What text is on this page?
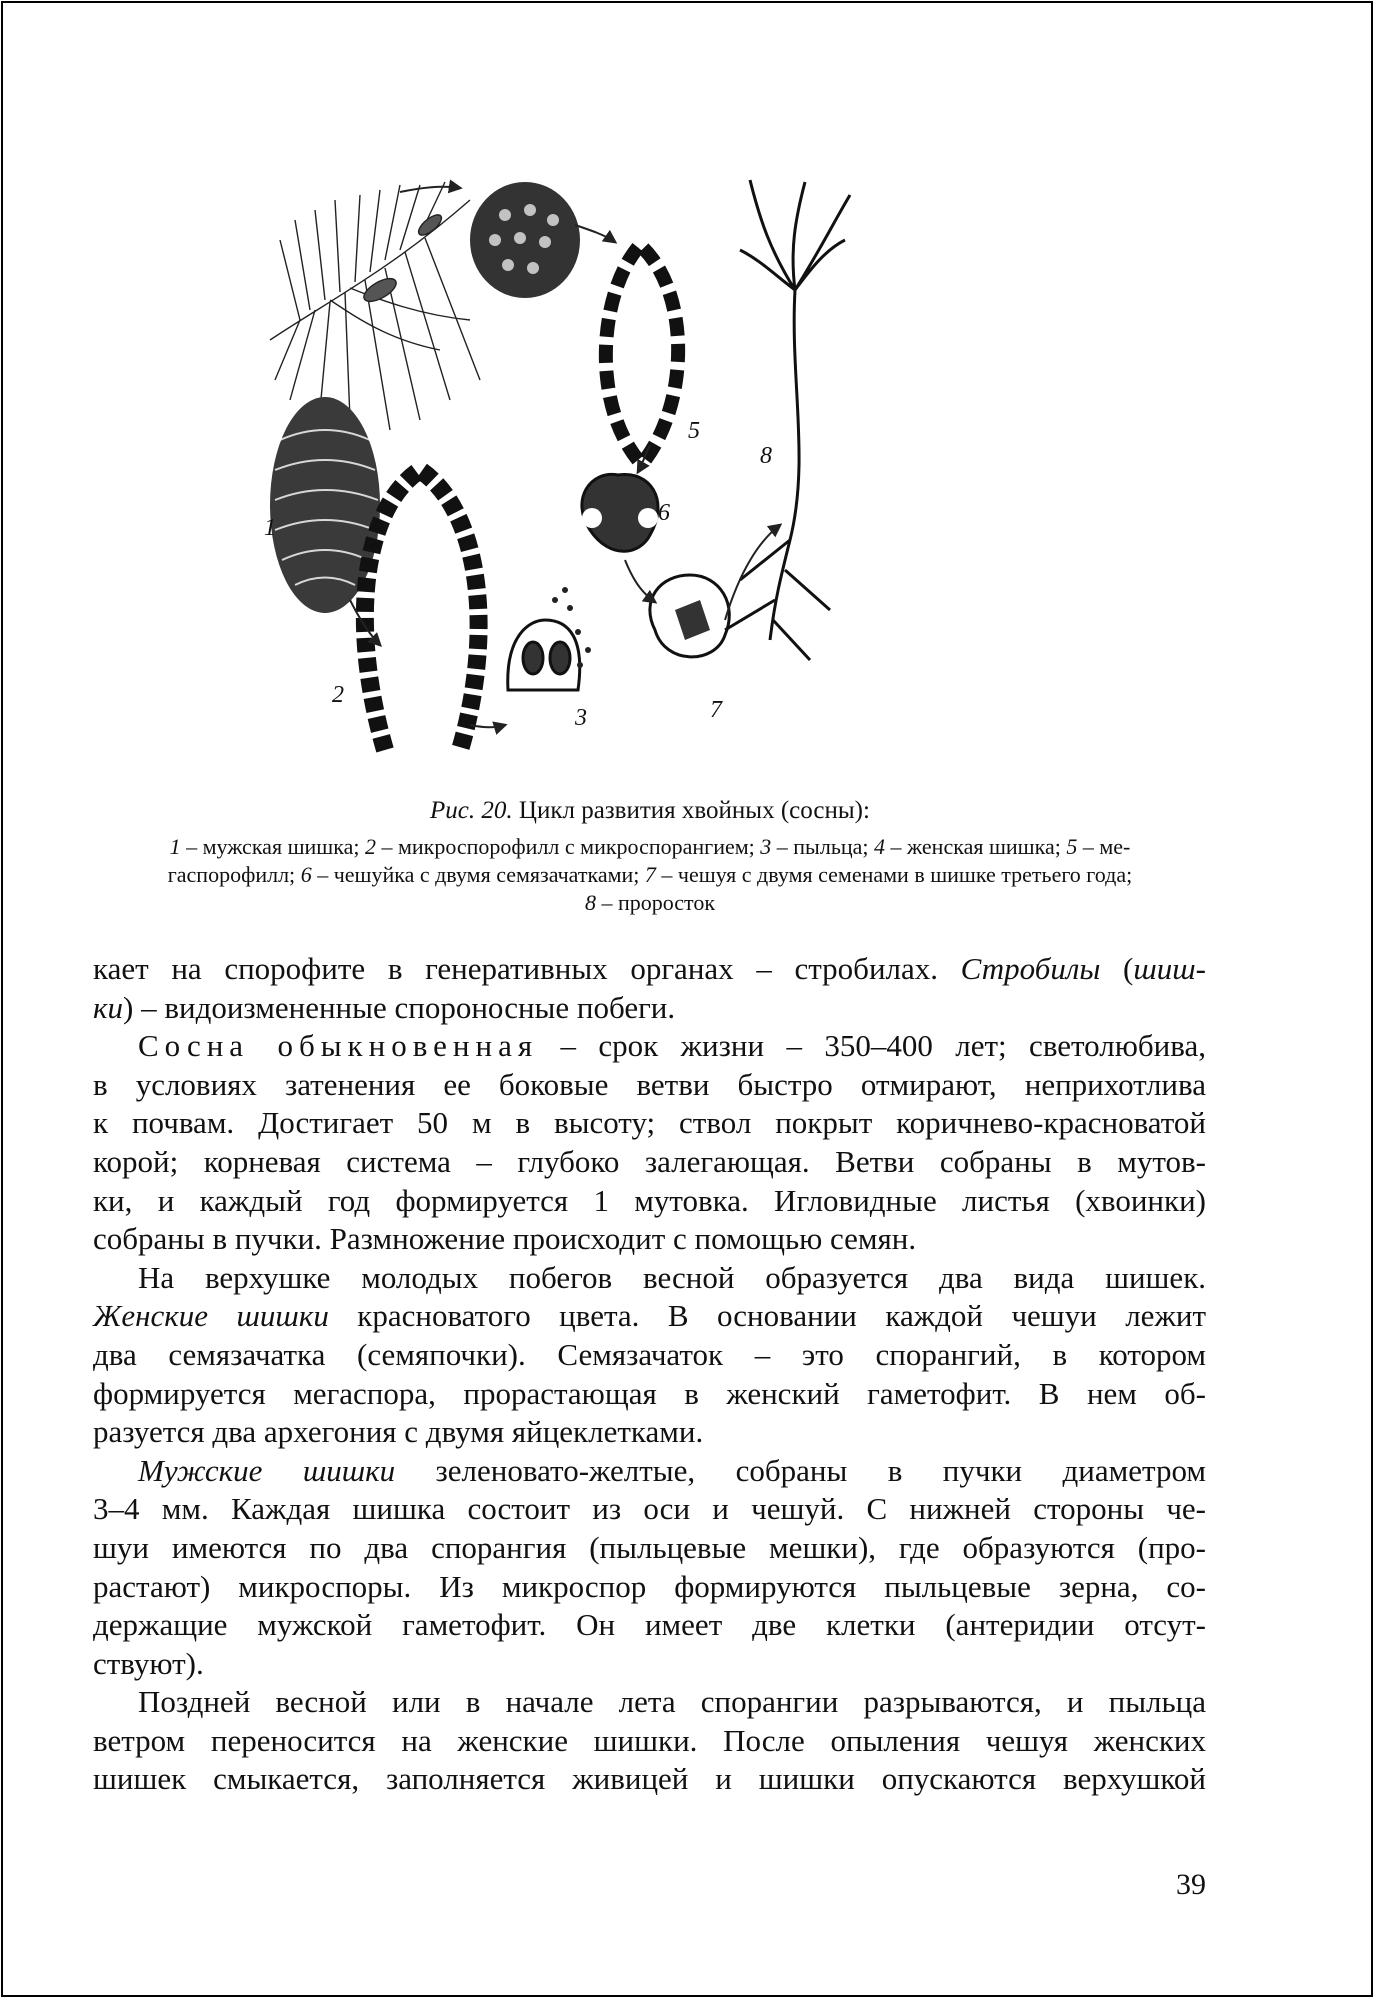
1
2
3
5
6
7
8
Рис. 20. Цикл развития хвойных (сосны):
1 – мужская шишка; 2 – микроспорофилл с микроспорангием; 3 – пыльца; 4 – женская шишка; 5 – ме-
гаспорофилл; 6 – чешуйка с двумя семязачатками; 7 – чешуя с двумя семенами в шишке третьего года;
8 – проросток
кает на спорофите в генеративных органах – стробилах. Стробилы (шиш-
ки) – видоизмененные спороносные побеги.
Сосна обыкновенная – срок жизни – 350–400 лет; светолюбива,
в условиях затенения ее боковые ветви быстро отмирают, неприхотлива
к почвам. Достигает 50 м в высоту; ствол покрыт коричнево-красноватой
корой; корневая система – глубоко залегающая. Ветви собраны в мутов-
ки, и каждый год формируется 1 мутовка. Игловидные листья (хвоинки)
собраны в пучки. Размножение происходит с помощью семян.
На верхушке молодых побегов весной образуется два вида шишек.
Женские шишки красноватого цвета. В основании каждой чешуи лежит
два семязачатка (семяпочки). Семязачаток – это спорангий, в котором
формируется мегаспора, прорастающая в женский гаметофит. В нем об-
разуется два архегония с двумя яйцеклетками.
Мужские шишки зеленовато-желтые, собраны в пучки диаметром
3–4 мм. Каждая шишка состоит из оси и чешуй. С нижней стороны че-
шуи имеются по два спорангия (пыльцевые мешки), где образуются (про-
растают) микроспоры. Из микроспор формируются пыльцевые зерна, со-
держащие мужской гаметофит. Он имеет две клетки (антеридии отсут-
ствуют).
Поздней весной или в начале лета спорангии разрываются, и пыльца
ветром переносится на женские шишки. После опыления чешуя женских
шишек смыкается, заполняется живицей и шишки опускаются верхушкой
39
